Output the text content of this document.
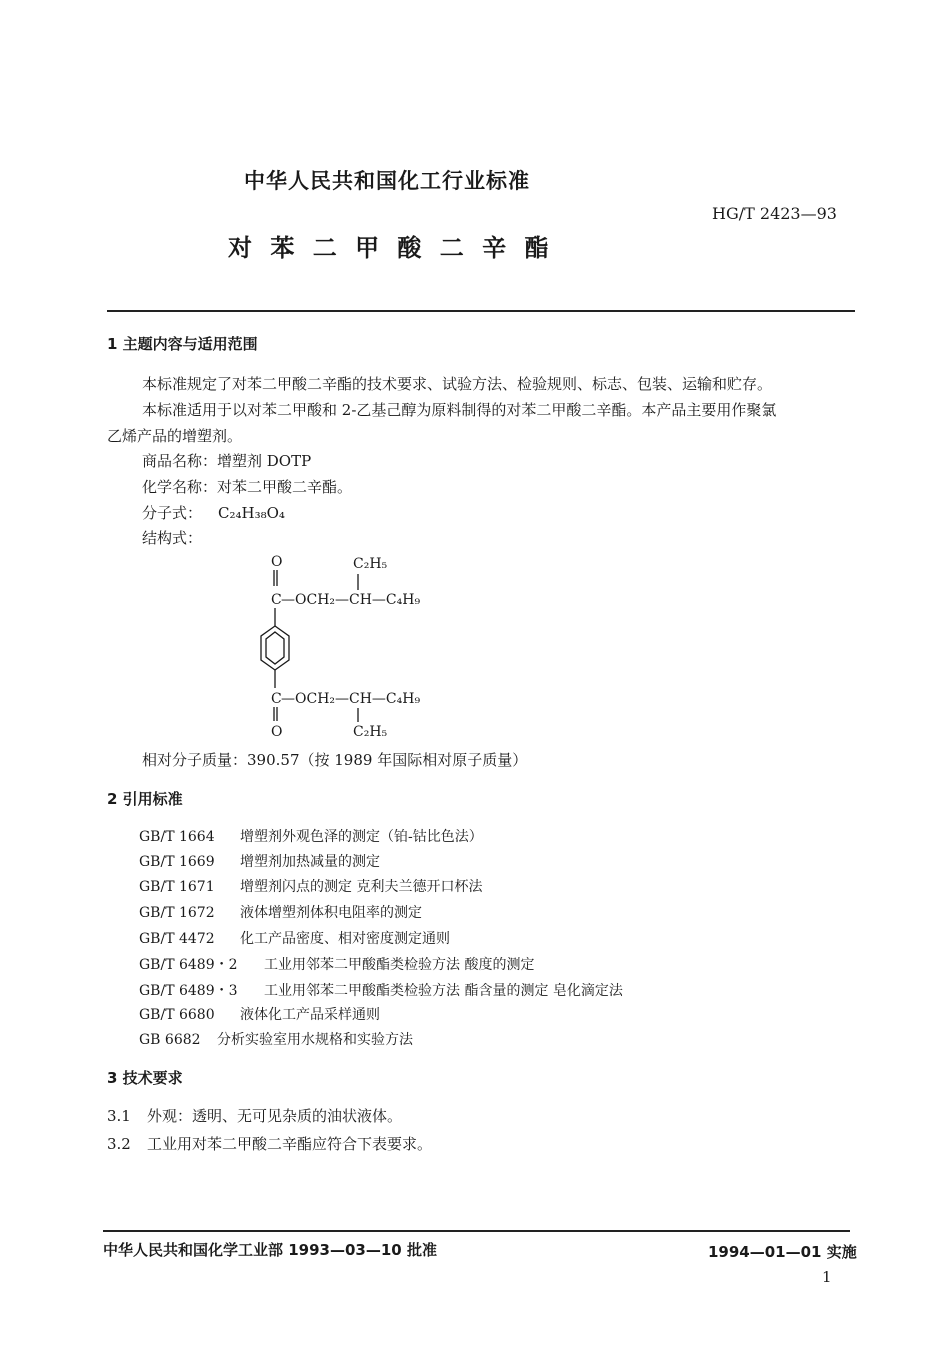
中华人民共和国化工行业标准
HG/T 2423—93
对 苯 二 甲 酸 二 辛 酯
1 主题内容与适用范围
本标准规定了对苯二甲酸二辛酯的技术要求、试验方法、检验规则、标志、包装、运输和贮存。
本标准适用于以对苯二甲酸和 2-乙基己醇为原料制得的对苯二甲酸二辛酯。本产品主要用作聚氯
乙烯产品的增塑剂。
商品名称：增塑剂 DOTP
化学名称：对苯二甲酸二辛酯。
分子式： C₂₄H₃₈O₄
结构式：
O
C —OCH₂—CH—C₄H₉
C₂H₅
C —OCH₂—CH—C₄H₉
O	C₂H₅
相对分子质量：390.57（按 1989 年国际相对原子质量）
2 引用标准
GB/T 1664 增塑剂外观色泽的测定（铂-钴比色法）
GB/T 1669 增塑剂加热减量的测定
GB/T 1671 增塑剂闪点的测定 克利夫兰德开口杯法
GB/T 1672 液体增塑剂体积电阻率的测定
GB/T 4472 化工产品密度、相对密度测定通则
GB/T 6489・2 工业用邻苯二甲酸酯类检验方法 酸度的测定
GB/T 6489・3 工业用邻苯二甲酸酯类检验方法 酯含量的测定 皂化滴定法
GB/T 6680 液体化工产品采样通则
GB 6682 分析实验室用水规格和实验方法
3 技术要求
3.1 外观：透明、无可见杂质的油状液体。
3.2 工业用对苯二甲酸二辛酯应符合下表要求。
中华人民共和国化学工业部 1993—03—10 批准	1994—01—01 实施
1
